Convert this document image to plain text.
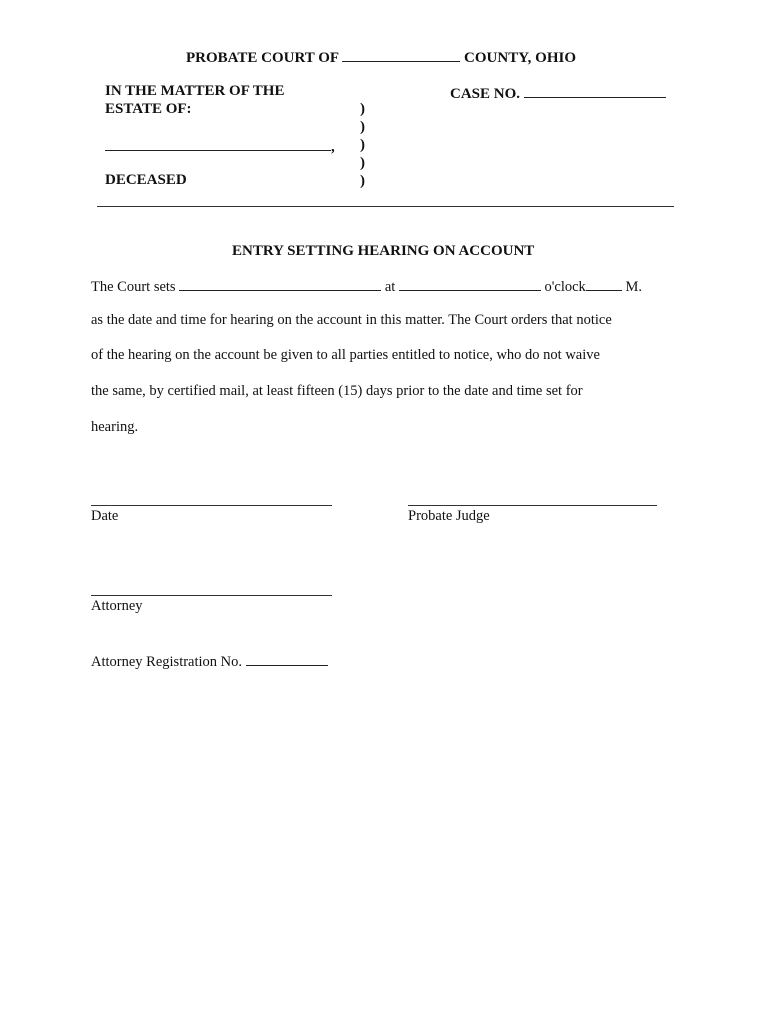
PROBATE COURT OF	COUNTY, OHIO
IN THE MATTER OF THE
ESTATE OF:
CASE NO.
,
DECEASED
)
)
)
)
)
ENTRY SETTING HEARING ON ACCOUNT
The Court sets	at	o'clock	M.
as the date and time for hearing on the account in this matter. The Court orders that notice
of the hearing on the account be given to all parties entitled to notice, who do not waive
the same, by certified mail, at least fifteen (15) days prior to the date and time set for
hearing.
Date	Probate Judge
Attorney
Attorney Registration No.
